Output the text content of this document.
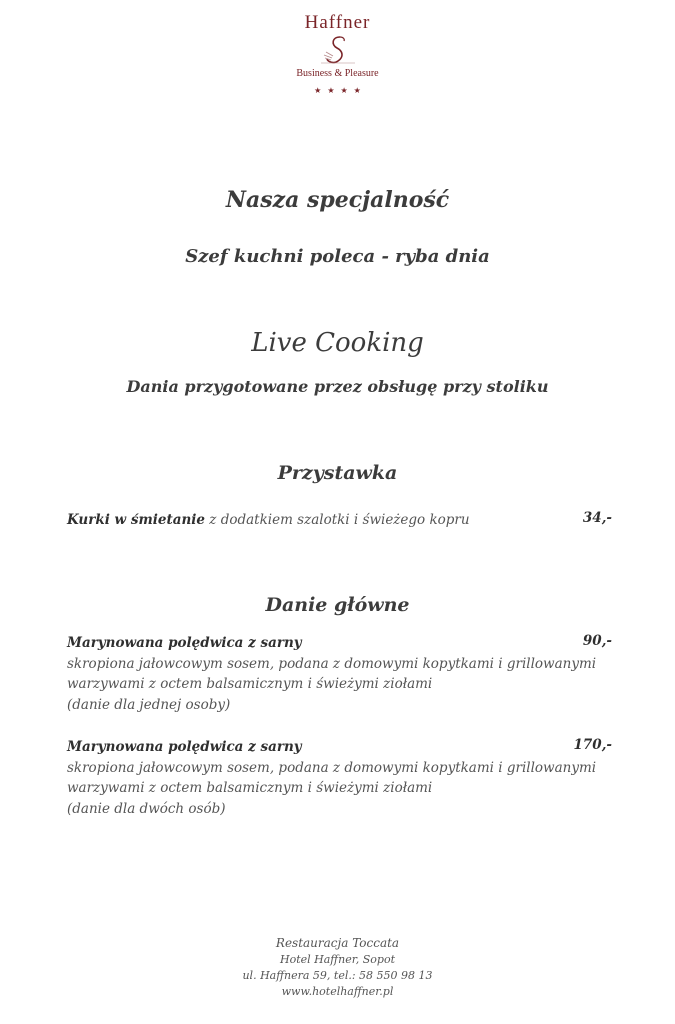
Haffner
Business & Pleasure
★★★★
Nasza specjalność
Szef kuchni poleca - ryba dnia
Live Cooking
Dania przygotowane przez obsługę przy stoliku
Przystawka
Kurki w śmietanie z dodatkiem szalotki i świeżego kopru	34,-
Danie główne
Marynowana polędwica z sarny
skropiona jałowcowym sosem, podana z domowymi kopytkami i grillowanymi
warzywami z octem balsamicznym i świeżymi ziołami
(danie dla jednej osoby)
90,-
Marynowana polędwica z sarny
skropiona jałowcowym sosem, podana z domowymi kopytkami i grillowanymi
warzywami z octem balsamicznym i świeżymi ziołami
(danie dla dwóch osób)
170,-
Restauracja Toccata
Hotel Haffner, Sopot
ul. Haffnera 59, tel.: 58 550 98 13
www.hotelhaffner.pl
